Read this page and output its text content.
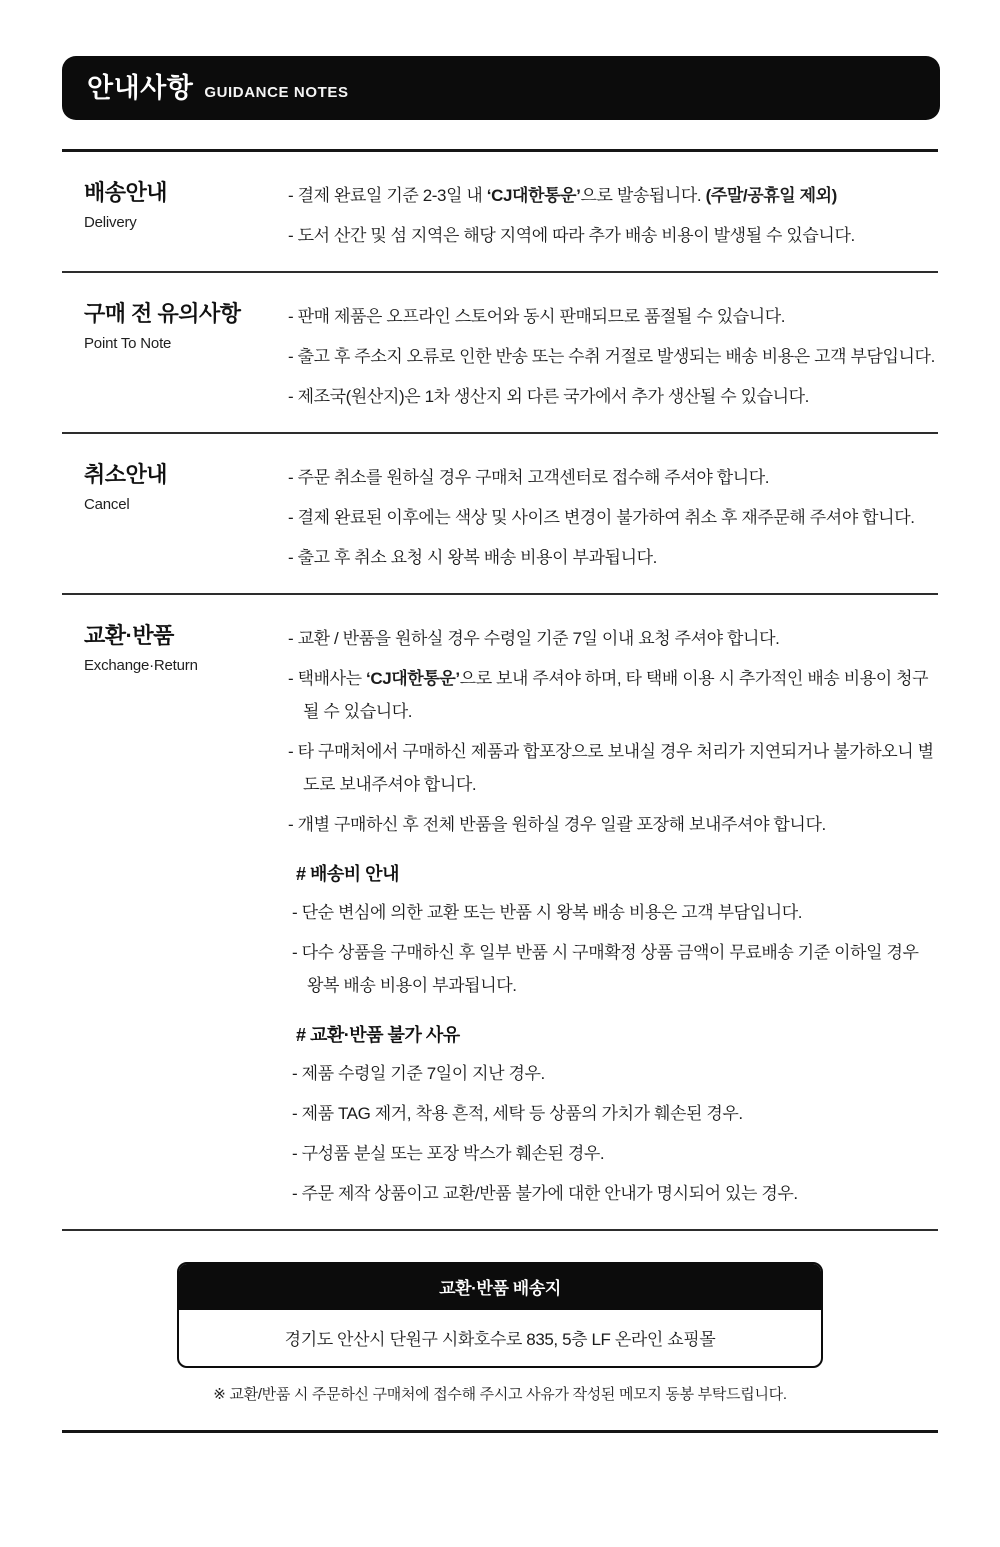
안내사항 GUIDANCE NOTES
배송안내
Delivery

- 결제 완료일 기준 2-3일 내 ‘CJ대한통운’으로 발송됩니다. (주말/공휴일 제외)

- 도서 산간 및 섬 지역은 해당 지역에 따라 추가 배송 비용이 발생될 수 있습니다.

구매 전 유의사항
Point To Note

- 판매 제품은 오프라인 스토어와 동시 판매되므로 품절될 수 있습니다.

- 출고 후 주소지 오류로 인한 반송 또는 수취 거절로 발생되는 배송 비용은 고객 부담입니다.

- 제조국(원산지)은 1차 생산지 외 다른 국가에서 추가 생산될 수 있습니다.

취소안내
Cancel

- 주문 취소를 원하실 경우 구매처 고객센터로 접수해 주셔야 합니다.

- 결제 완료된 이후에는 색상 및 사이즈 변경이 불가하여 취소 후 재주문해 주셔야 합니다.

- 출고 후 취소 요청 시 왕복 배송 비용이 부과됩니다.

교환·반품
Exchange·Return

- 교환 / 반품을 원하실 경우 수령일 기준 7일 이내 요청 주셔야 합니다.

- 택배사는 ‘CJ대한통운’으로 보내 주셔야 하며, 타 택배 이용 시 추가적인 배송 비용이 청구 될 수 있습니다.

- 타 구매처에서 구매하신 제품과 합포장으로 보내실 경우 처리가 지연되거나 불가하오니 별도로 보내주셔야 합니다.

- 개별 구매하신 후 전체 반품을 원하실 경우 일괄 포장해 보내주셔야 합니다.

# 배송비 안내

- 단순 변심에 의한 교환 또는 반품 시 왕복 배송 비용은 고객 부담입니다.

- 다수 상품을 구매하신 후 일부 반품 시 구매확정 상품 금액이 무료배송 기준 이하일 경우 왕복 배송 비용이 부과됩니다.

# 교환·반품 불가 사유

- 제품 수령일 기준 7일이 지난 경우.

- 제품 TAG 제거, 착용 흔적, 세탁 등 상품의 가치가 훼손된 경우.

- 구성품 분실 또는 포장 박스가 훼손된 경우.

- 주문 제작 상품이고 교환/반품 불가에 대한 안내가 명시되어 있는 경우.

교환·반품 배송지
경기도 안산시 단원구 시화호수로 835, 5층 LF 온라인 쇼핑몰

※ 교환/반품 시 주문하신 구매처에 접수해 주시고 사유가 작성된 메모지 동봉 부탁드립니다.
